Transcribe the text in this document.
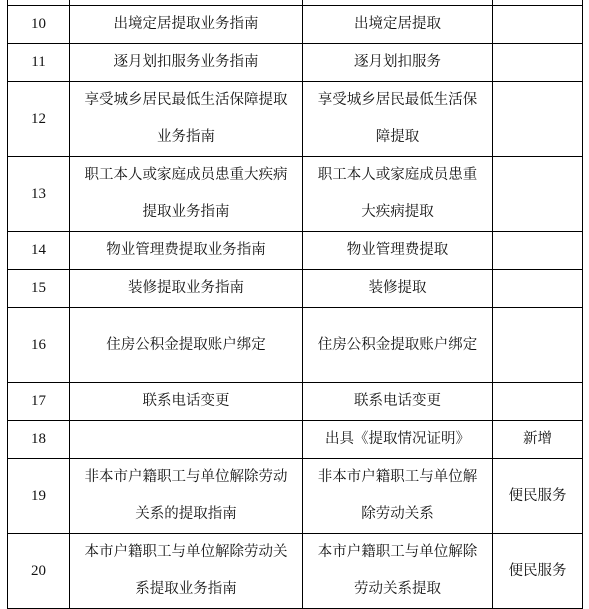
10	出境定居提取业务指南	出境定居提取	
11	逐月划扣服务业务指南	逐月划扣服务	
12	享受城乡居民最低生活保障提取业务指南	享受城乡居民最低生活保障提取	
13	职工本人或家庭成员患重大疾病提取业务指南	职工本人或家庭成员患重大疾病提取	
14	物业管理费提取业务指南	物业管理费提取	
15	装修提取业务指南	装修提取	
16	住房公积金提取账户绑定	住房公积金提取账户绑定	
17	联系电话变更	联系电话变更	
18		出具《提取情况证明》	新增
19	非本市户籍职工与单位解除劳动关系的提取指南	非本市户籍职工与单位解除劳动关系	便民服务
20	本市户籍职工与单位解除劳动关系提取业务指南	本市户籍职工与单位解除劳动关系提取	便民服务
